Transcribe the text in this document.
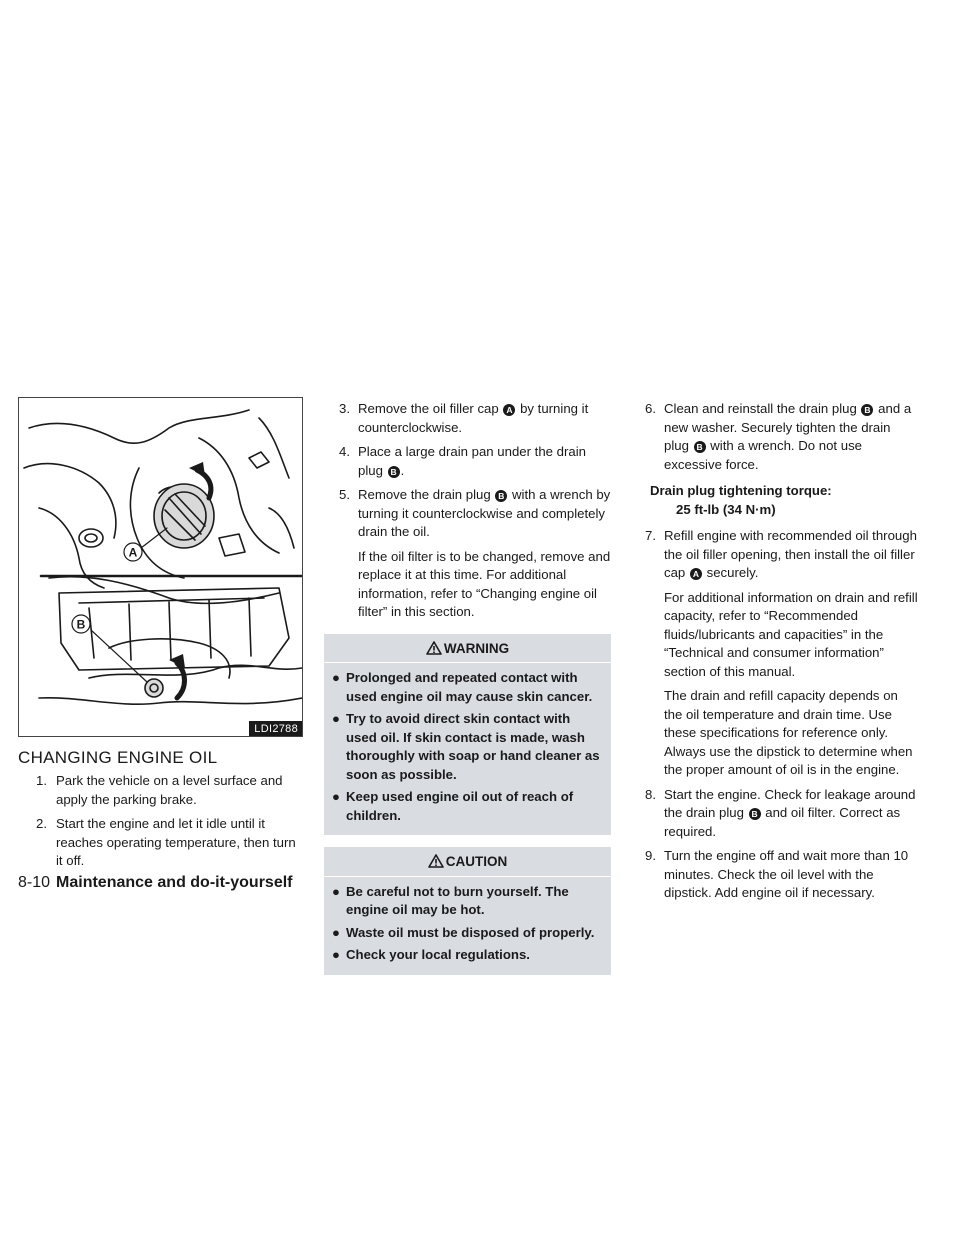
A
B
LDI2788
CHANGING ENGINE OIL
1. Park the vehicle on a level surface and apply the parking brake.
2. Start the engine and let it idle until it reaches operating temperature, then turn it off.
3. Remove the oil filler cap A by turning it counterclockwise.
4. Place a large drain pan under the drain plug B .
5. Remove the drain plug B with a wrench by turning it counterclockwise and completely drain the oil.

If the oil filter is to be changed, remove and replace it at this time. For additional information, refer to “Changing engine oil filter” in this section.

WARNING
● Prolonged and repeated contact with used engine oil may cause skin cancer.
● Try to avoid direct skin contact with used oil. If skin contact is made, wash thoroughly with soap or hand cleaner as soon as possible.
● Keep used engine oil out of reach of children.
CAUTION
● Be careful not to burn yourself. The engine oil may be hot.
● Waste oil must be disposed of properly.
● Check your local regulations.
6. Clean and reinstall the drain plug B and a new washer. Securely tighten the drain plug B with a wrench. Do not use excessive force.
Drain plug tightening torque:
25 ft-lb (34 N·m)
7. Refill engine with recommended oil through the oil filler opening, then install the oil filler cap A securely.

For additional information on drain and refill capacity, refer to “Recommended fluids/lubricants and capacities” in the “Technical and consumer information” section of this manual.

The drain and refill capacity depends on the oil temperature and drain time. Use these specifications for reference only. Always use the dipstick to determine when the proper amount of oil is in the engine.

8. Start the engine. Check for leakage around the drain plug B and oil filter. Correct as required.
9. Turn the engine off and wait more than 10 minutes. Check the oil level with the dipstick. Add engine oil if necessary.
8-10 Maintenance and do-it-yourself
